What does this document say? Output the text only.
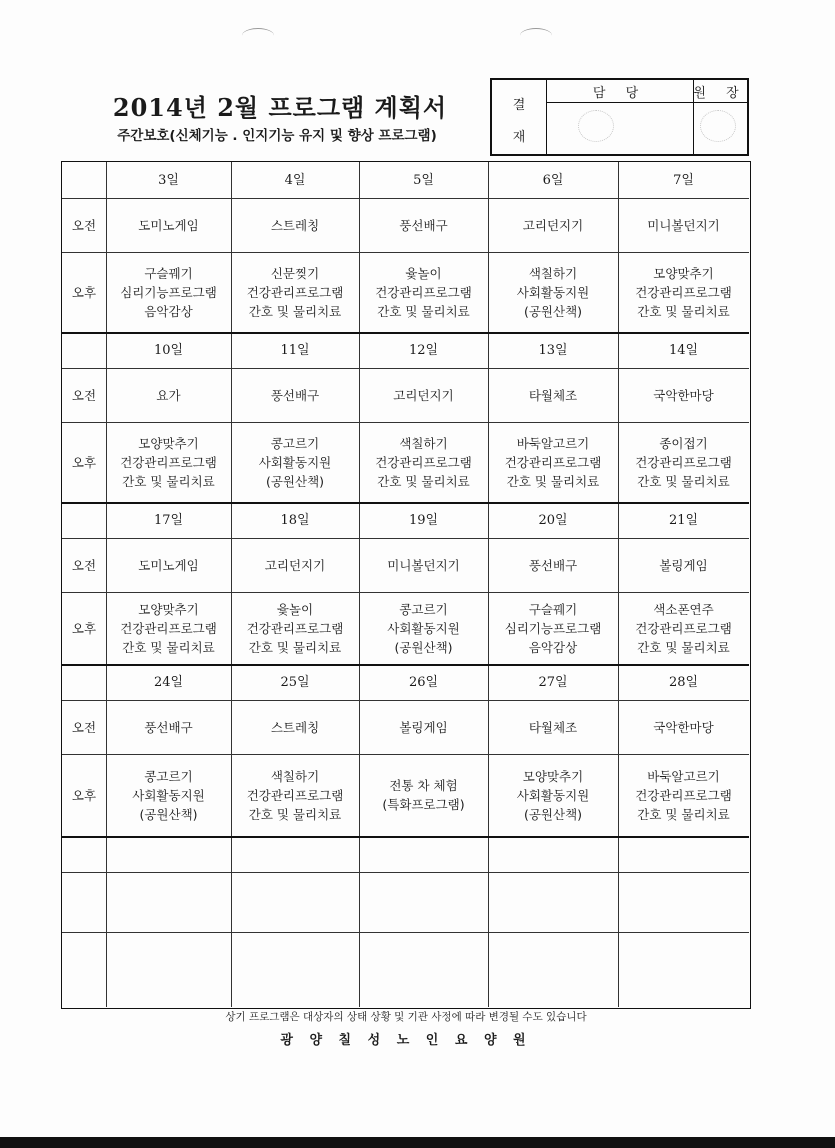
2014년 2월 프로그램 계획서
주간보호(신체기능 . 인지기능 유지 및 향상 프로그램)
결
재
담 당	원 장
오전
오후
3일
도미노게임
구슬꿰기
심리기능프로그램
음악감상
4일
스트레칭
신문찢기
건강관리프로그램
간호 및 물리치료
5일
풍선배구
윷놀이
건강관리프로그램
간호 및 물리치료
6일
고리던지기
색칠하기
사회활동지원
(공원산책)
7일
미니볼던지기
모양맞추기
건강관리프로그램
간호 및 물리치료
오전
오후
10일
요가
모양맞추기
건강관리프로그램
간호 및 물리치료
11일
풍선배구
콩고르기
사회활동지원
(공원산책)
12일
고리던지기
색칠하기
건강관리프로그램
간호 및 물리치료
13일
타월체조
바둑알고르기
건강관리프로그램
간호 및 물리치료
14일
국악한마당
종이접기
건강관리프로그램
간호 및 물리치료
오전
오후
17일
도미노게임
모양맞추기
건강관리프로그램
간호 및 물리치료
18일
고리던지기
윷놀이
건강관리프로그램
간호 및 물리치료
19일
미니볼던지기
콩고르기
사회활동지원
(공원산책)
20일
풍선배구
구슬꿰기
심리기능프로그램
음악감상
21일
볼링게임
색소폰연주
건강관리프로그램
간호 및 물리치료
오전
오후
24일
풍선배구
콩고르기
사회활동지원
(공원산책)
25일
스트레칭
색칠하기
건강관리프로그램
간호 및 물리치료
26일
볼링게임
전통 차 체험
(특화프로그램)
27일
타월체조
모양맞추기
사회활동지원
(공원산책)
28일
국악한마당
바둑알고르기
건강관리프로그램
간호 및 물리치료
상기 프로그램은 대상자의 상태 상황 및 기관 사정에 따라 변경될 수도 있습니다
광 양 칠 성 노 인 요 양 원
